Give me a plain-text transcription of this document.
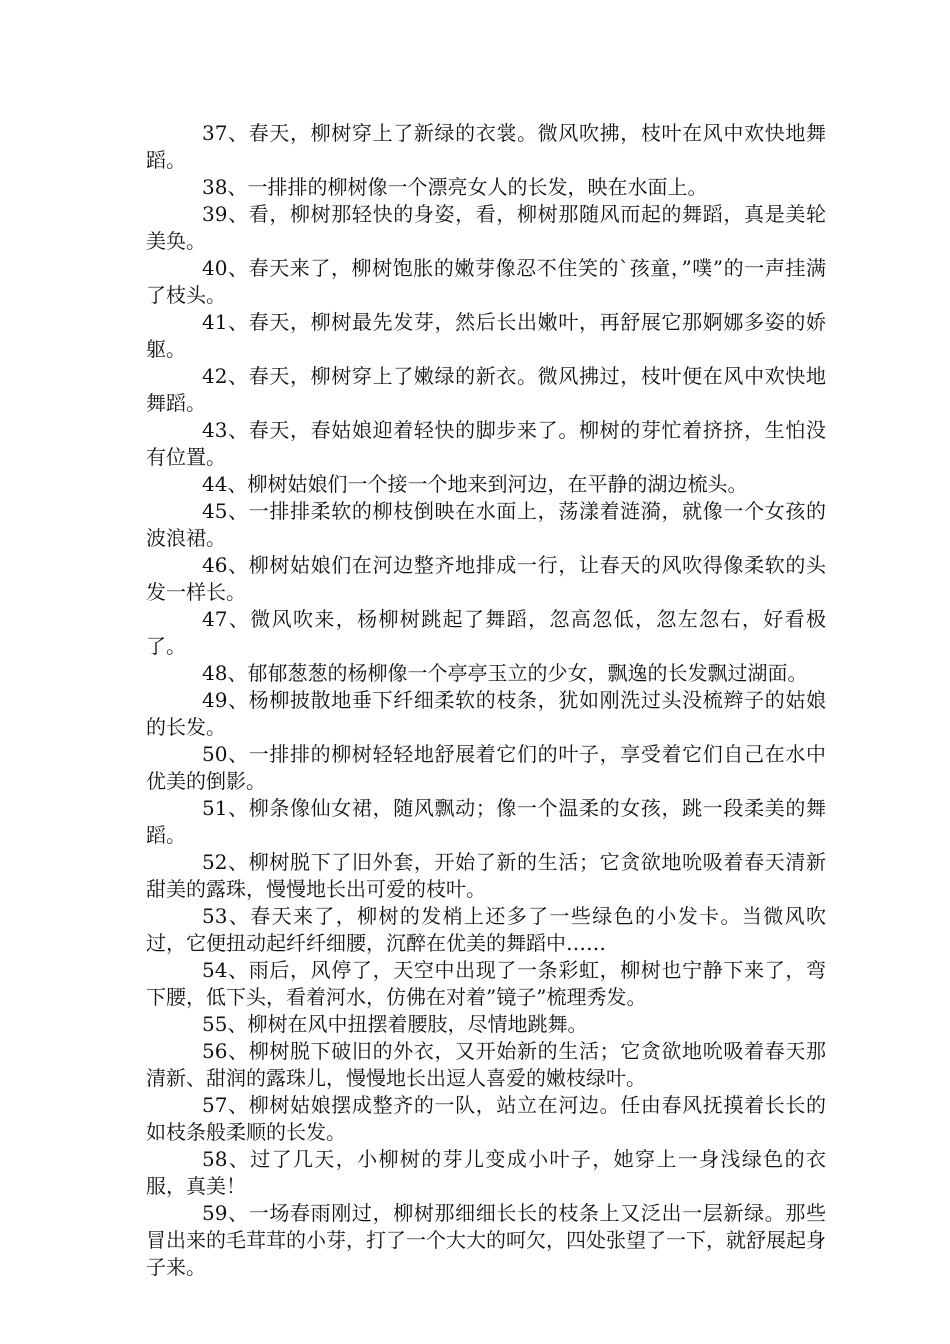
37、春天，柳树穿上了新绿的衣裳。微风吹拂，枝叶在风中欢快地舞蹈。

38、一排排的柳树像一个漂亮女人的长发，映在水面上。

39、看，柳树那轻快的身姿，看，柳树那随风而起的舞蹈，真是美轮美奂。

40、春天来了，柳树饱胀的嫩芽像忍不住笑的`孩童，”噗”的一声挂满了枝头。

41、春天，柳树最先发芽，然后长出嫩叶，再舒展它那婀娜多姿的娇躯。

42、春天，柳树穿上了嫩绿的新衣。微风拂过，枝叶便在风中欢快地舞蹈。

43、春天，春姑娘迎着轻快的脚步来了。柳树的芽忙着挤挤，生怕没有位置。

44、柳树姑娘们一个接一个地来到河边，在平静的湖边梳头。

45、一排排柔软的柳枝倒映在水面上，荡漾着涟漪，就像一个女孩的波浪裙。

46、柳树姑娘们在河边整齐地排成一行，让春天的风吹得像柔软的头发一样长。

47、微风吹来，杨柳树跳起了舞蹈，忽高忽低，忽左忽右，好看极了。

48、郁郁葱葱的杨柳像一个亭亭玉立的少女，飘逸的长发飘过湖面。

49、杨柳披散地垂下纤细柔软的枝条，犹如刚洗过头没梳辫子的姑娘的长发。

50、一排排的柳树轻轻地舒展着它们的叶子，享受着它们自己在水中优美的倒影。

51、柳条像仙女裙，随风飘动；像一个温柔的女孩，跳一段柔美的舞蹈。

52、柳树脱下了旧外套，开始了新的生活；它贪欲地吮吸着春天清新甜美的露珠，慢慢地长出可爱的枝叶。

53、春天来了，柳树的发梢上还多了一些绿色的小发卡。当微风吹过，它便扭动起纤纤细腰，沉醉在优美的舞蹈中……

54、雨后，风停了，天空中出现了一条彩虹，柳树也宁静下来了，弯下腰，低下头，看着河水，仿佛在对着”镜子”梳理秀发。

55、柳树在风中扭摆着腰肢，尽情地跳舞。

56、柳树脱下破旧的外衣，又开始新的生活；它贪欲地吮吸着春天那清新、甜润的露珠儿，慢慢地长出逗人喜爱的嫩枝绿叶。

57、柳树姑娘摆成整齐的一队，站立在河边。任由春风抚摸着长长的如枝条般柔顺的长发。

58、过了几天，小柳树的芽儿变成小叶子，她穿上一身浅绿色的衣服，真美！

59、一场春雨刚过，柳树那细细长长的枝条上又泛出一层新绿。那些冒出来的毛茸茸的小芽，打了一个大大的呵欠，四处张望了一下，就舒展起身子来。
